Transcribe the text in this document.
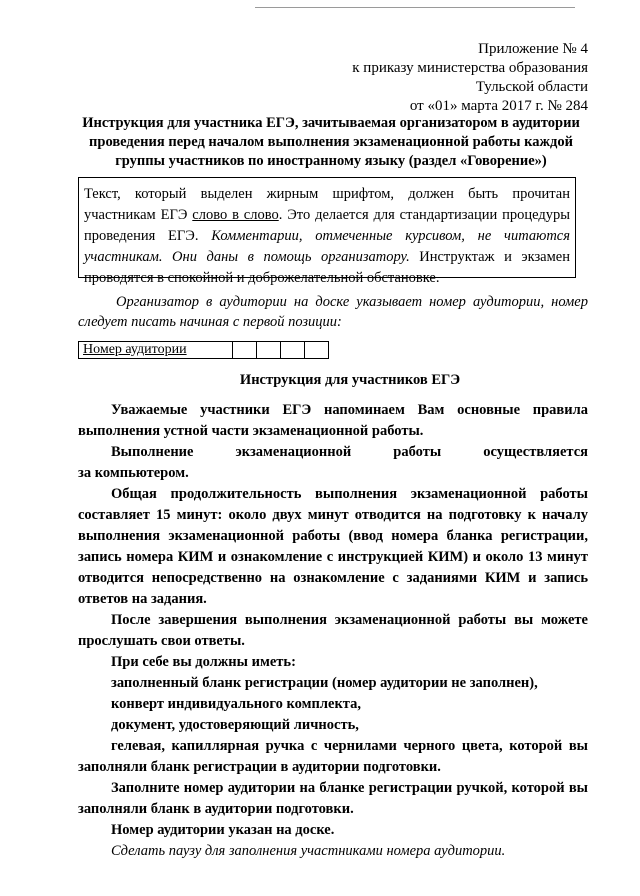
Приложение № 4
к приказу министерства образования
Тульской области
от «01» марта 2017 г. № 284
Инструкция для участника ЕГЭ, зачитываемая организатором в аудитории проведения перед началом выполнения экзаменационной работы каждой группы участников по иностранному языку (раздел «Говорение»)
Текст, который выделен жирным шрифтом, должен быть прочитан участникам ЕГЭ слово в слово. Это делается для стандартизации процедуры проведения ЕГЭ. Комментарии, отмеченные курсивом, не читаются участникам. Они даны в помощь организатору. Инструктаж и экзамен проводятся в спокойной и доброжелательной обстановке.
Организатор в аудитории на доске указывает номер аудитории, номер следует писать начиная с первой позиции:
Номер аудитории				
Инструкция для участников ЕГЭ

Уважаемые участники ЕГЭ напоминаем Вам основные правила выполнения устной части экзаменационной работы.

Выполнение экзаменационной работы осуществляется

за компьютером.

Общая продолжительность выполнения экзаменационной работы составляет 15 минут: около двух минут отводится на подготовку к началу выполнения экзаменационной работы (ввод номера бланка регистрации, запись номера КИМ и ознакомление с инструкцией КИМ) и около 13 минут отводится непосредственно на ознакомление с заданиями КИМ и запись ответов на задания.

После завершения выполнения экзаменационной работы вы можете прослушать свои ответы.

При себе вы должны иметь:

заполненный бланк регистрации (номер аудитории не заполнен),

конверт индивидуального комплекта,

документ, удостоверяющий личность,

гелевая, капиллярная ручка с чернилами черного цвета, которой вы заполняли бланк регистрации в аудитории подготовки.

Заполните номер аудитории на бланке регистрации ручкой, которой вы заполняли бланк в аудитории подготовки.

Номер аудитории указан на доске.

Сделать паузу для заполнения участниками номера аудитории.
